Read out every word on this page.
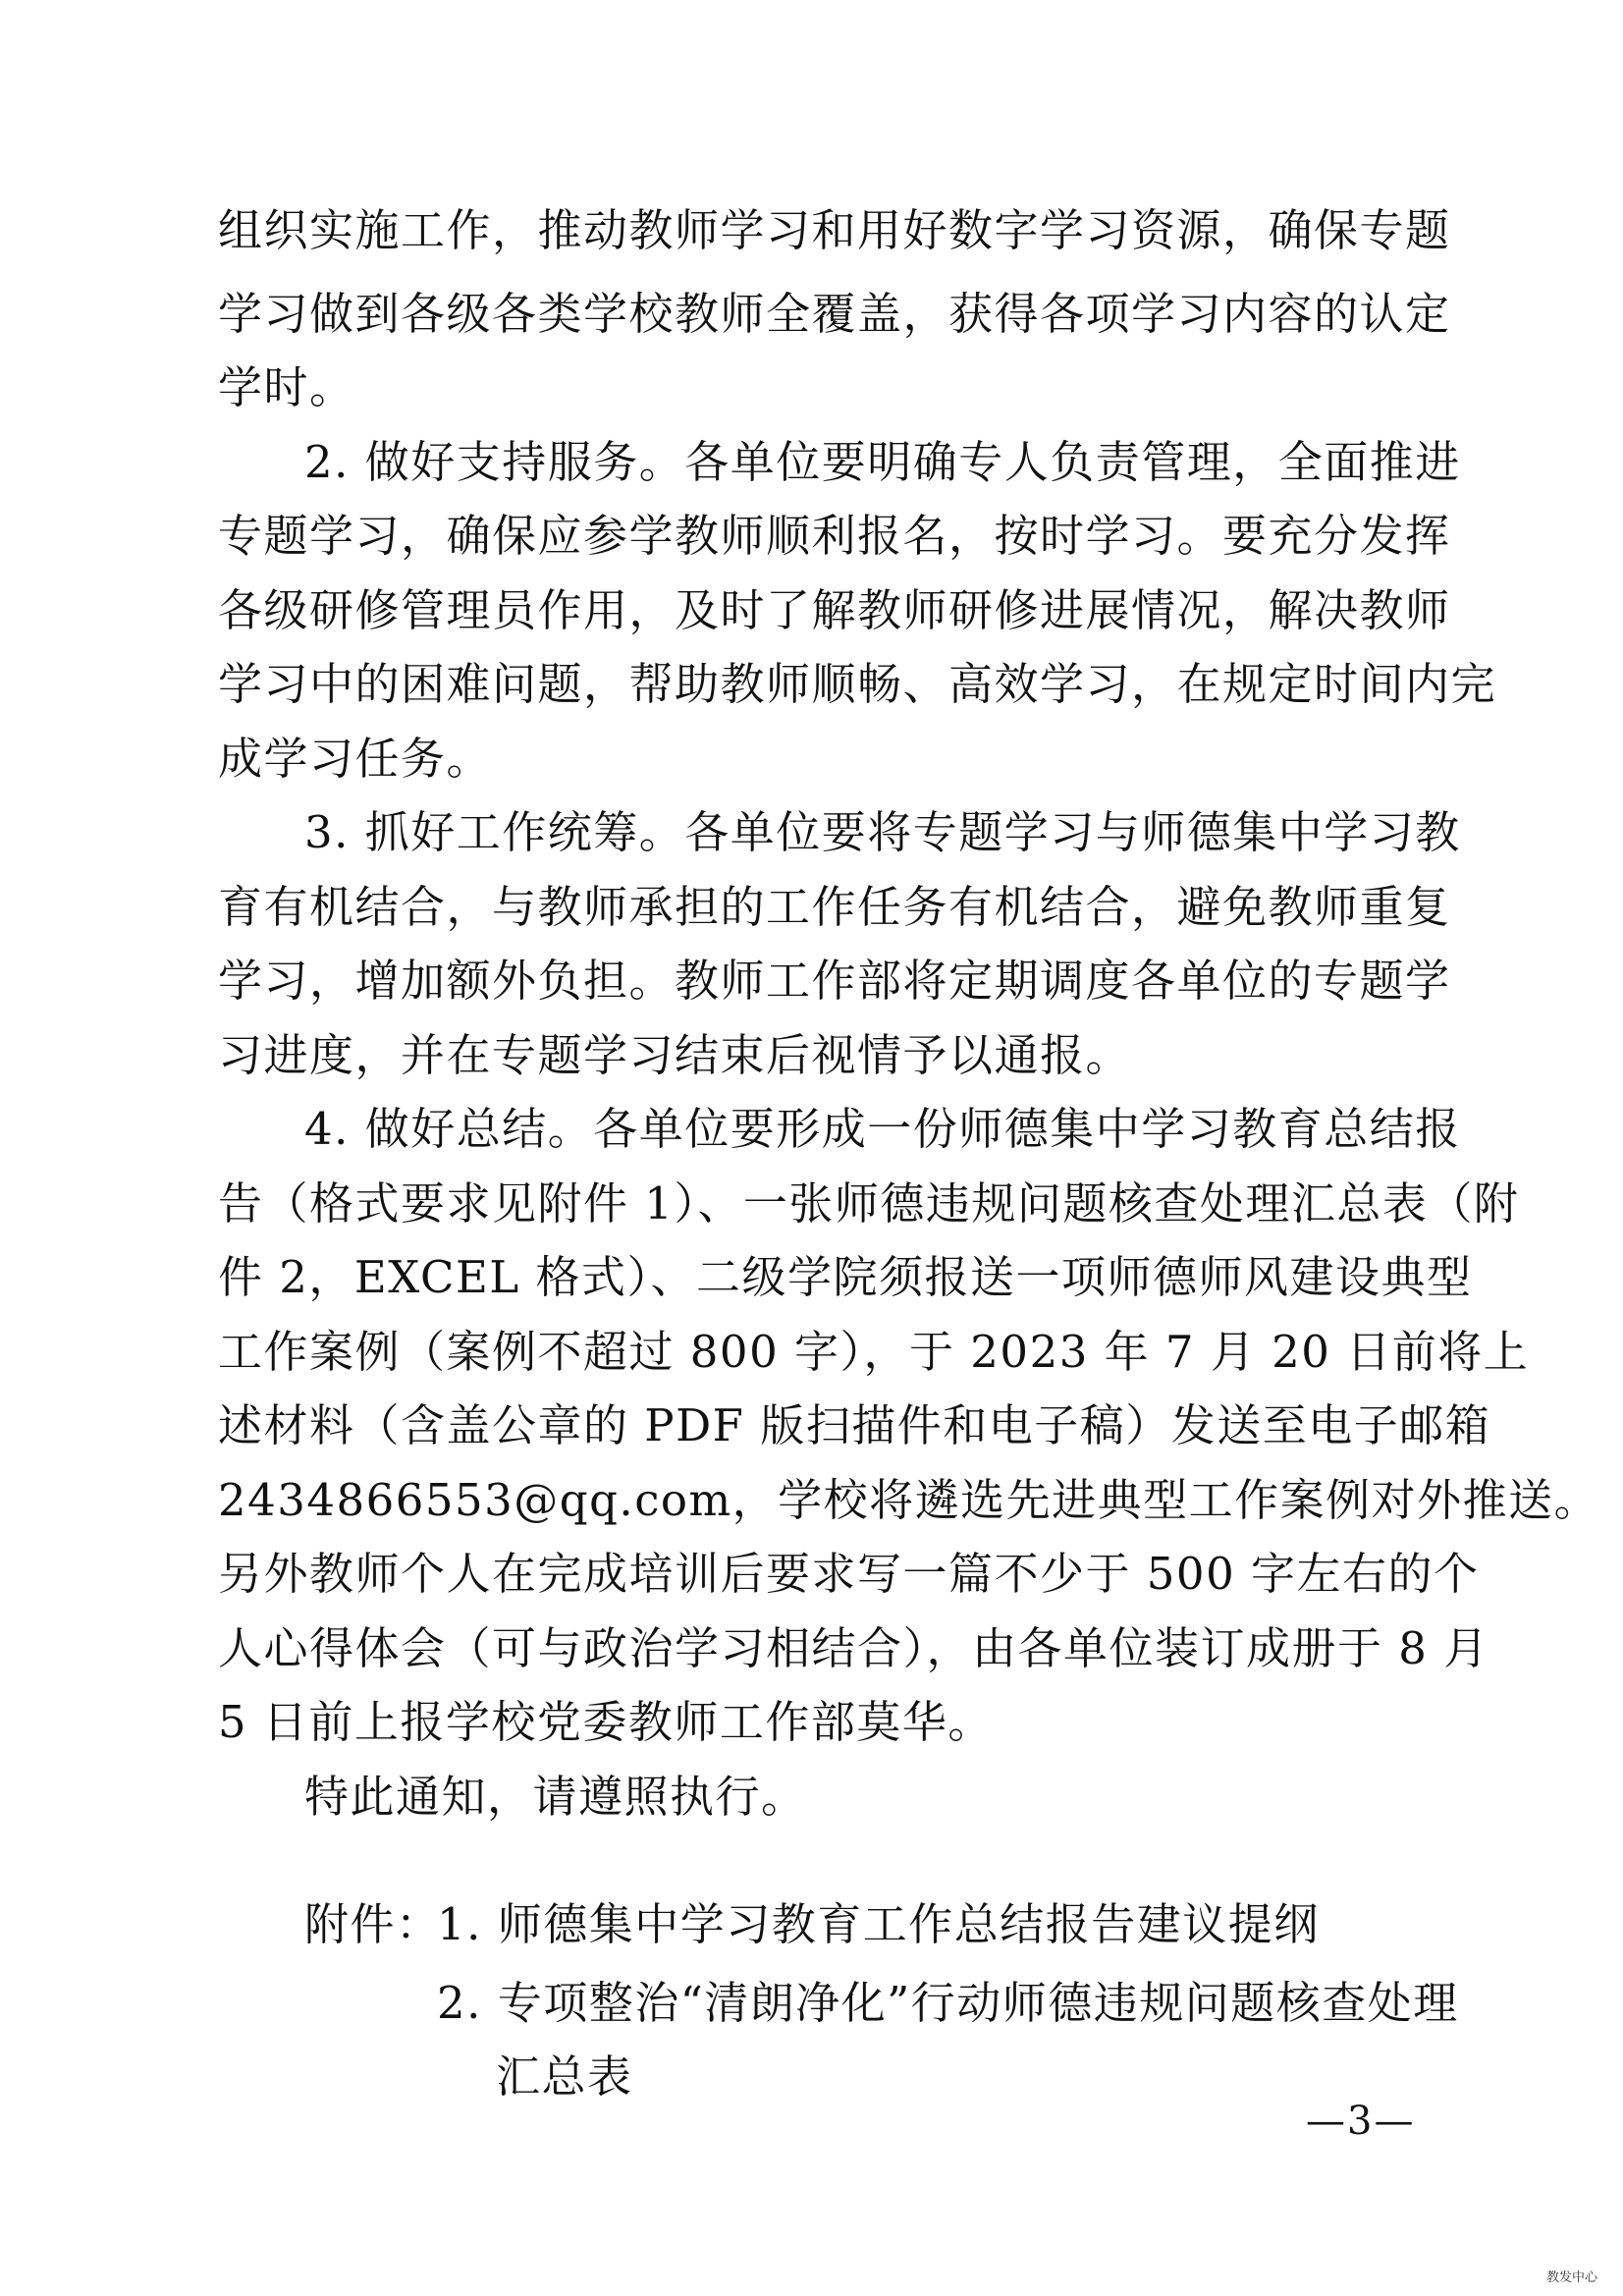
组织实施工作，推动教师学习和用好数字学习资源，确保专题
学习做到各级各类学校教师全覆盖，获得各项学习内容的认定
学时。
2. 做好支持服务。各单位要明确专人负责管理，全面推进
专题学习，确保应参学教师顺利报名，按时学习。要充分发挥
各级研修管理员作用，及时了解教师研修进展情况，解决教师
学习中的困难问题，帮助教师顺畅、高效学习，在规定时间内完
成学习任务。
3. 抓好工作统筹。各单位要将专题学习与师德集中学习教
育有机结合，与教师承担的工作任务有机结合，避免教师重复
学习，增加额外负担。教师工作部将定期调度各单位的专题学
习进度，并在专题学习结束后视情予以通报。
4. 做好总结。各单位要形成一份师德集中学习教育总结报
告（格式要求见附件 1）、一张师德违规问题核查处理汇总表（附
件 2，EXCEL 格式）、二级学院须报送一项师德师风建设典型
工作案例（案例不超过 800 字），于 2023 年 7 月 20 日前将上
述材料（含盖公章的 PDF 版扫描件和电子稿）发送至电子邮箱
2434866553@qq.com，学校将遴选先进典型工作案例对外推送。
另外教师个人在完成培训后要求写一篇不少于 500 字左右的个
人心得体会（可与政治学习相结合），由各单位装订成册于 8 月
5 日前上报学校党委教师工作部莫华。
特此通知，请遵照执行。
附件：
1. 师德集中学习教育工作总结报告建议提纲
2. 专项整治“清朗净化”行动师德违规问题核查处理
汇总表
—3—
教发中心
